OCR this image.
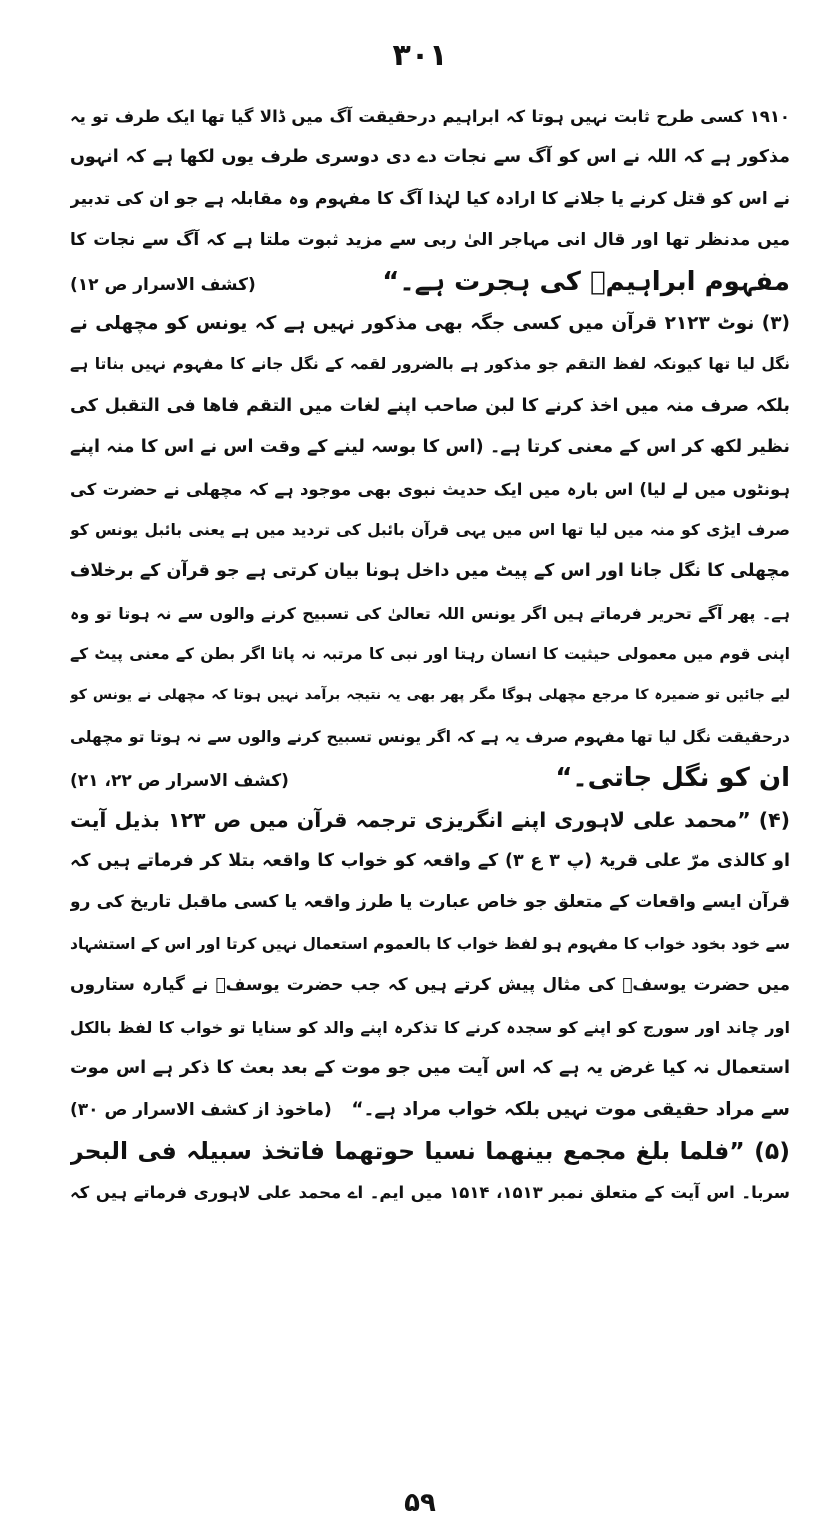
۳۰۱
۱۹۱۰ کسی طرح ثابت نہیں ہوتا کہ ابراہیم درحقیقت آگ میں ڈالا گیا تھا ایک طرف تو یہ
مذکور ہے کہ اللہ نے اس کو آگ سے نجات دے دی دوسری طرف یوں لکھا ہے کہ انہوں
نے اس کو قتل کرنے یا جلانے کا ارادہ کیا لہٰذا آگ کا مفہوم وہ مقابلہ ہے جو ان کی تدبیر
میں مدنظر تھا اور قال انی مہاجر الیٰ ربی سے مزید ثبوت ملتا ہے کہ آگ سے نجات کا
مفہوم ابراہیمؑ کی ہجرت ہے۔“
(کشف الاسرار ص ۱۲)
(۳) نوٹ ۲۱۲۳ قرآن میں کسی جگہ بھی مذکور نہیں ہے کہ یونس کو مچھلی نے
نگل لیا تھا کیونکہ لفظ التقم جو مذکور ہے بالضرور لقمہ کے نگل جانے کا مفہوم نہیں بناتا ہے
بلکہ صرف منہ میں اخذ کرنے کا لبن صاحب اپنے لغات میں التقم فاھا فی التقبل کی
نظیر لکھ کر اس کے معنی کرتا ہے۔ (اس کا بوسہ لینے کے وقت اس نے اس کا منہ اپنے
ہونٹوں میں لے لیا) اس بارہ میں ایک حدیث نبوی بھی موجود ہے کہ مچھلی نے حضرت کی
صرف ایڑی کو منہ میں لیا تھا اس میں یہی قرآن بائبل کی تردید میں ہے یعنی بائبل یونس کو
مچھلی کا نگل جانا اور اس کے پیٹ میں داخل ہونا بیان کرتی ہے جو قرآن کے برخلاف
ہے۔ پھر آگے تحریر فرماتے ہیں اگر یونس اللہ تعالیٰ کی تسبیح کرنے والوں سے نہ ہوتا تو وہ
اپنی قوم میں معمولی حیثیت کا انسان رہتا اور نبی کا مرتبہ نہ پاتا اگر بطن کے معنی پیٹ کے
لیے جائیں تو ضمیرہ کا مرجع مچھلی ہوگا مگر پھر بھی یہ نتیجہ برآمد نہیں ہوتا کہ مچھلی نے یونس کو
درحقیقت نگل لیا تھا مفہوم صرف یہ ہے کہ اگر یونس تسبیح کرنے والوں سے نہ ہوتا تو مچھلی
ان کو نگل جاتی۔“
(کشف الاسرار ص ۲۲، ۲۱)
(۴) ”محمد علی لاہوری اپنے انگریزی ترجمہ قرآن میں ص ۱۲۳ بذیل آیت
او کالذی مرّ علی قریۃ (پ ۳ ع ۳) کے واقعہ کو خواب کا واقعہ بتلا کر فرماتے ہیں کہ
قرآن ایسے واقعات کے متعلق جو خاص عبارت یا طرز واقعہ یا کسی ماقبل تاریخ کی رو
سے خود بخود خواب کا مفہوم ہو لفظ خواب کا بالعموم استعمال نہیں کرتا اور اس کے استشہاد
میں حضرت یوسفؑ کی مثال پیش کرتے ہیں کہ جب حضرت یوسفؑ نے گیارہ ستاروں
اور چاند اور سورج کو اپنے کو سجدہ کرنے کا تذکرہ اپنے والد کو سنایا تو خواب کا لفظ بالکل
استعمال نہ کیا غرض یہ ہے کہ اس آیت میں جو موت کے بعد بعث کا ذکر ہے اس موت
سے مراد حقیقی موت نہیں بلکہ خواب مراد ہے۔“
(ماخوذ از کشف الاسرار ص ۳۰)
(۵) ”فلما بلغ مجمع بینھما نسیا حوتھما فاتخذ سبیلہ فی البحر
سربا۔ اس آیت کے متعلق نمبر ۱۵۱۳، ۱۵۱۴ میں ایم۔ اے محمد علی لاہوری فرماتے ہیں کہ
۵۹
